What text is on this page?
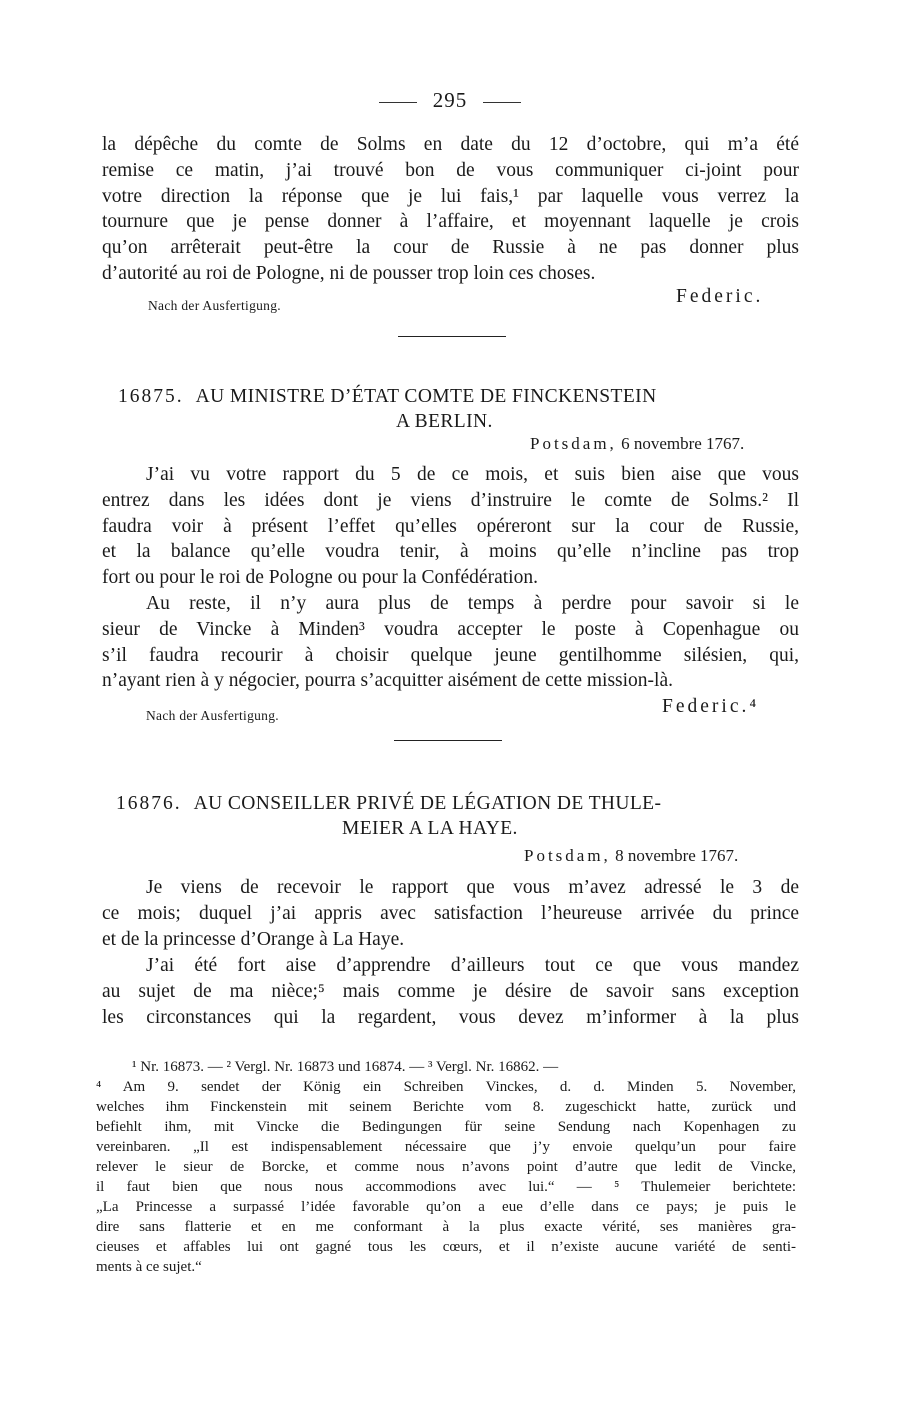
295
la dépêche du comte de Solms en date du 12 d’octobre, qui m’a été
remise ce matin, j’ai trouvé bon de vous communiquer ci-joint pour
votre direction la réponse que je lui fais,¹ par laquelle vous verrez la
tournure que je pense donner à l’affaire, et moyennant laquelle je crois
qu’on arrêterait peut-être la cour de Russie à ne pas donner plus
d’autorité au roi de Pologne, ni de pousser trop loin ces choses.
Nach der Ausfertigung.	Federic.
16875. AU MINISTRE D’ÉTAT COMTE DE FINCKENSTEIN
A BERLIN.
Potsdam, 6 novembre 1767.
J’ai vu votre rapport du 5 de ce mois, et suis bien aise que vous
entrez dans les idées dont je viens d’instruire le comte de Solms.² Il
faudra voir à présent l’effet qu’elles opéreront sur la cour de Russie,
et la balance qu’elle voudra tenir, à moins qu’elle n’incline pas trop
fort ou pour le roi de Pologne ou pour la Confédération.
Au reste, il n’y aura plus de temps à perdre pour savoir si le
sieur de Vincke à Minden³ voudra accepter le poste à Copenhague ou
s’il faudra recourir à choisir quelque jeune gentilhomme silésien, qui,
n’ayant rien à y négocier, pourra s’acquitter aisément de cette mission-là.
Nach der Ausfertigung.	Federic.⁴
16876. AU CONSEILLER PRIVÉ DE LÉGATION DE THULE-
MEIER A LA HAYE.
Potsdam, 8 novembre 1767.
Je viens de recevoir le rapport que vous m’avez adressé le 3 de
ce mois; duquel j’ai appris avec satisfaction l’heureuse arrivée du prince
et de la princesse d’Orange à La Haye.
J’ai été fort aise d’apprendre d’ailleurs tout ce que vous mandez
au sujet de ma nièce;⁵ mais comme je désire de savoir sans exception
les circonstances qui la regardent, vous devez m’informer à la plus
¹ Nr. 16873. — ² Vergl. Nr. 16873 und 16874. — ³ Vergl. Nr. 16862. —
⁴ Am 9. sendet der König ein Schreiben Vinckes, d. d. Minden 5. November,
welches ihm Finckenstein mit seinem Berichte vom 8. zugeschickt hatte, zurück und
befiehlt ihm, mit Vincke die Bedingungen für seine Sendung nach Kopenhagen zu
vereinbaren. „Il est indispensablement nécessaire que j’y envoie quelqu’un pour faire
relever le sieur de Borcke, et comme nous n’avons point d’autre que ledit de Vincke,
il faut bien que nous nous accommodions avec lui.“ — ⁵ Thulemeier berichtete:
„La Princesse a surpassé l’idée favorable qu’on a eue d’elle dans ce pays; je puis le
dire sans flatterie et en me conformant à la plus exacte vérité, ses manières gra-
cieuses et affables lui ont gagné tous les cœurs, et il n’existe aucune variété de senti-
ments à ce sujet.“
